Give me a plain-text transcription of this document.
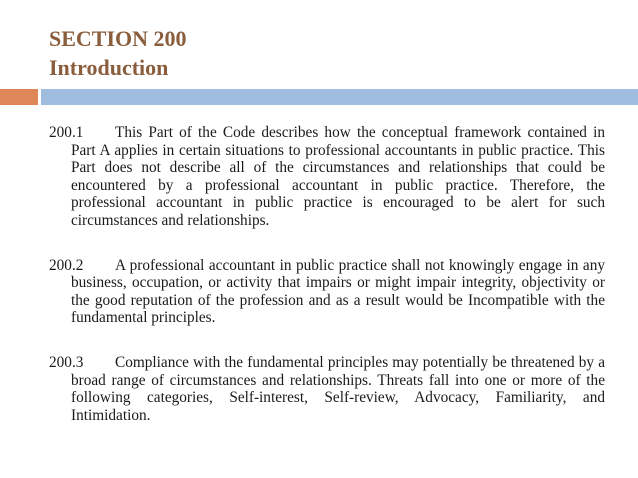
SECTION 200
Introduction

200.1 This Part of the Code describes how the conceptual framework contained in Part A applies in certain situations to professional accountants in public practice. This Part does not describe all of the circumstances and relationships that could be encountered by a professional accountant in public practice. Therefore, the professional accountant in public practice is encouraged to be alert for such circumstances and relationships.

200.2 A professional accountant in public practice shall not knowingly engage in any business, occupation, or activity that impairs or might impair integrity, objectivity or the good reputation of the profession and as a result would be Incompatible with the fundamental principles.

200.3 Compliance with the fundamental principles may potentially be threatened by a broad range of circumstances and relationships. Threats fall into one or more of the following categories, Self-interest, Self-review, Advocacy, Familiarity, and Intimidation.
